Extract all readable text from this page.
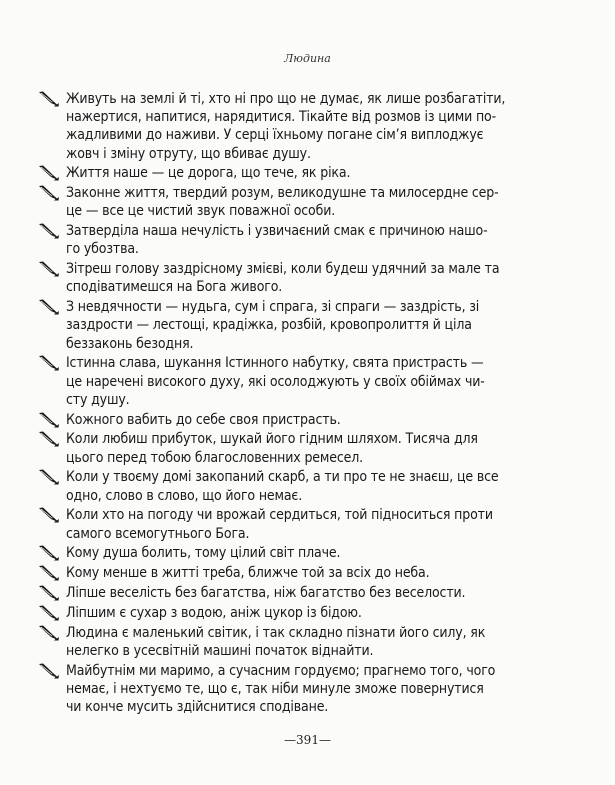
Людина
Живуть на землі й ті, хто ні про що не думає, як лише розбагатіти,
нажертися, напитися, нарядитися. Тікайте від розмов із цими по-
жадливими до наживи. У серці їхньому погане сім’я виплоджує
жовч і зміну отруту, що вбиває душу.
Життя наше — це дорога, що тече, як ріка.
Законне життя, твердий розум, великодушне та милосердне сер-
це — все це чистий звук поважної особи.
Затверділа наша нечулість і узвичаєний смак є причиною нашо-
го убозтва.
Зітреш голову заздрісному змієві, коли будеш удячний за мале та
сподіватимешся на Бога живого.
З невдячности — нудьга, сум і спрага, зі спраги — заздрість, зі
заздрости — лестощі, крадіжка, розбій, кровопролиття й ціла
беззаконь безодня.
Істинна слава, шукання Істинного набутку, свята пристрасть —
це наречені високого духу, які осолоджують у своїх обіймах чи-
сту душу.
Кожного вабить до себе своя пристрасть.
Коли любиш прибуток, шукай його гідним шляхом. Тисяча для
цього перед тобою благословенних ремесел.
Коли у твоєму домі закопаний скарб, а ти про те не знаєш, це все
одно, слово в слово, що його немає.
Коли хто на погоду чи врожай сердиться, той підноситься проти
самого всемогутнього Бога.
Кому душа болить, тому цілий світ плаче.
Кому менше в житті треба, ближче той за всіх до неба.
Ліпше веселість без багатства, ніж багатство без веселости.
Ліпшим є сухар з водою, аніж цукор із бідою.
Людина є маленький світик, і так складно пізнати його силу, як
нелегко в усесвітній машині початок віднайти.
Майбутнім ми маримо, а сучасним гордуємо; прагнемо того, чого
немає, і нехтуємо те, що є, так ніби минуле зможе повернутися
чи конче мусить здійснитися сподіване.
—391—
